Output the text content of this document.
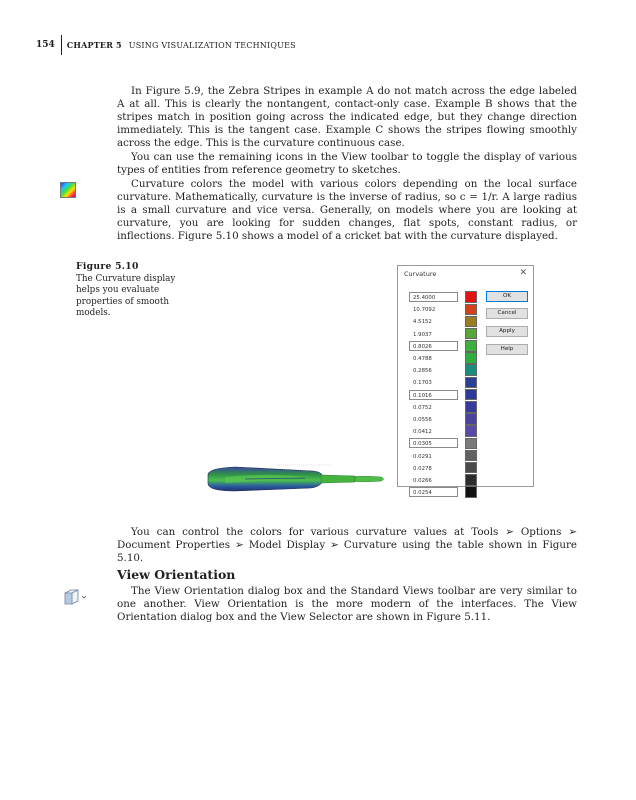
154 CHAPTER 5 USING VISUALIZATION TECHNIQUES

In Figure 5.9, the Zebra Stripes in example A do not match across the edge labeled A at all. This is clearly the nontangent, contact-only case. Example B shows that the stripes match in position going across the indicated edge, but they change direction immediately. This is the tangent case. Example C shows the stripes flowing smoothly across the edge. This is the curvature continuous case.

You can use the remaining icons in the View toolbar to toggle the display of various types of entities from reference geometry to sketches.

Curvature colors the model with various colors depending on the local surface curvature. Mathematically, curvature is the inverse of radius, so c = 1/r. A large radius is a small curvature and vice versa. Generally, on models where you are looking at curvature, you are looking for sudden changes, flat spots, constant radius, or inflections. Figure 5.10 shows a model of a cricket bat with the curvature displayed.

Figure 5.10
The Curvature display helps you evaluate properties of smooth models.
Curvature	✕
25.4000
10.7092
4.5152
1.9037
0.8026
0.4788
0.2856
0.1703
0.1016
0.0752
0.0556
0.0412
0.0305
0.0291
0.0278
0.0266
0.0254
OK
Cancel
Apply
Help

You can control the colors for various curvature values at Tools ➢ Options ➢ Document Properties ➢ Model Display ➢ Curvature using the table shown in Figure 5.10.

View Orientation

The View Orientation dialog box and the Standard Views toolbar are very similar to one another. View Orientation is the more modern of the interfaces. The View Orientation dialog box and the View Selector are shown in Figure 5.11.
